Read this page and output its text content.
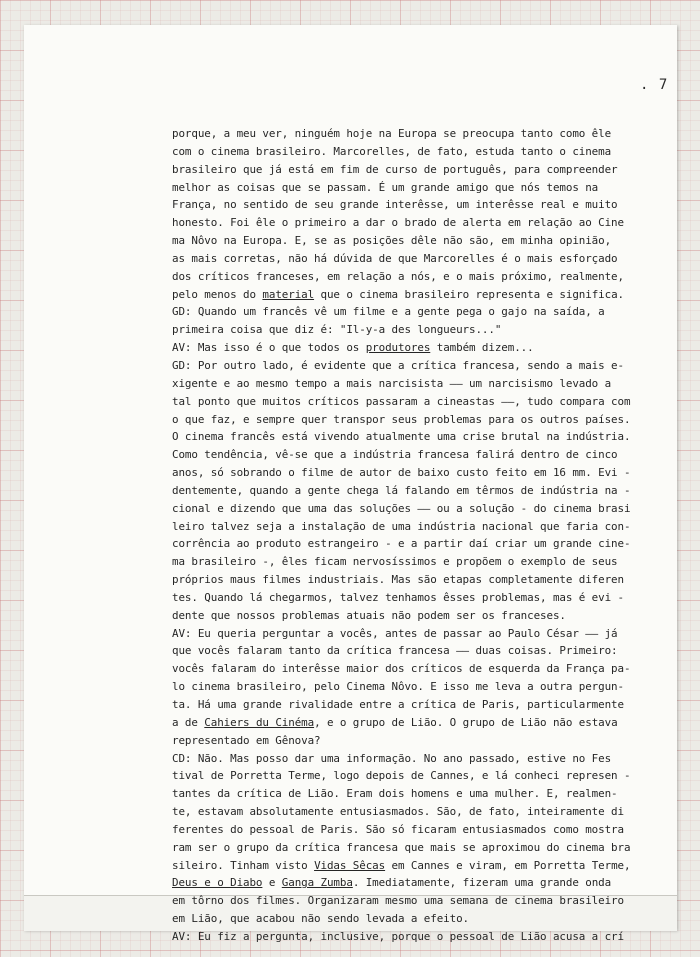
. 7
porque, a meu ver, ninguém hoje na Europa se preocupa tanto como êle
com o cinema brasileiro. Marcorelles, de fato, estuda tanto o cinema
brasileiro que já está em fim de curso de português, para compreender
melhor as coisas que se passam. É um grande amigo que nós temos na
França, no sentido de seu grande interêsse, um interêsse real e muito
honesto. Foi êle o primeiro a dar o brado de alerta em relação ao Cine
ma Nôvo na Europa. E, se as posições dêle não são, em minha opinião,
as mais corretas, não há dúvida de que Marcorelles é o mais esforçado
dos críticos franceses, em relação a nós, e o mais próximo, realmente,
pelo menos do material que o cinema brasileiro representa e significa.
GD: Quando um francês vê um filme e a gente pega o gajo na saída, a
primeira coisa que diz é: "Il-y-a des longueurs..."
AV: Mas isso é o que todos os produtores também dizem...
GD: Por outro lado, é evidente que a crítica francesa, sendo a mais e-
xigente e ao mesmo tempo a mais narcisista —— um narcisismo levado a
tal ponto que muitos críticos passaram a cineastas ——, tudo compara com
o que faz, e sempre quer transpor seus problemas para os outros países.
O cinema francês está vivendo atualmente uma crise brutal na indústria.
Como tendência, vê-se que a indústria francesa falirá dentro de cinco
anos, só sobrando o filme de autor de baixo custo feito em 16 mm. Evi -
dentemente, quando a gente chega lá falando em têrmos de indústria na -
cional e dizendo que uma das soluções —— ou a solução - do cinema brasi
leiro talvez seja a instalação de uma indústria nacional que faria con-
corrência ao produto estrangeiro - e a partir daí criar um grande cine-
ma brasileiro -, êles ficam nervosíssimos e propõem o exemplo de seus
próprios maus filmes industriais. Mas são etapas completamente diferen
tes. Quando lá chegarmos, talvez tenhamos êsses problemas, mas é evi -
dente que nossos problemas atuais não podem ser os franceses.
AV: Eu queria perguntar a vocês, antes de passar ao Paulo César —— já
que vocês falaram tanto da crítica francesa —— duas coisas. Primeiro:
vocês falaram do interêsse maior dos críticos de esquerda da França pa-
lo cinema brasileiro, pelo Cinema Nôvo. E isso me leva a outra pergun-
ta. Há uma grande rivalidade entre a crítica de Paris, particularmente
a de Cahiers du Cinéma, e o grupo de Lião. O grupo de Lião não estava
representado em Gênova?
CD: Não. Mas posso dar uma informação. No ano passado, estive no Fes
tival de Porretta Terme, logo depois de Cannes, e lá conheci represen -
tantes da crítica de Lião. Eram dois homens e uma mulher. E, realmen-
te, estavam absolutamente entusiasmados. São, de fato, inteiramente di
ferentes do pessoal de Paris. São só ficaram entusiasmados como mostra
ram ser o grupo da crítica francesa que mais se aproximou do cinema bra
sileiro. Tinham visto Vidas Sêcas em Cannes e viram, em Porretta Terme,
Deus e o Diabo e Ganga Zumba. Imediatamente, fizeram uma grande onda
em tôrno dos filmes. Organizaram mesmo uma semana de cinema brasileiro
em Lião, que acabou não sendo levada a efeito.
AV: Eu fiz a pergunta, inclusive, porque o pessoal de Lião acusa a crí
